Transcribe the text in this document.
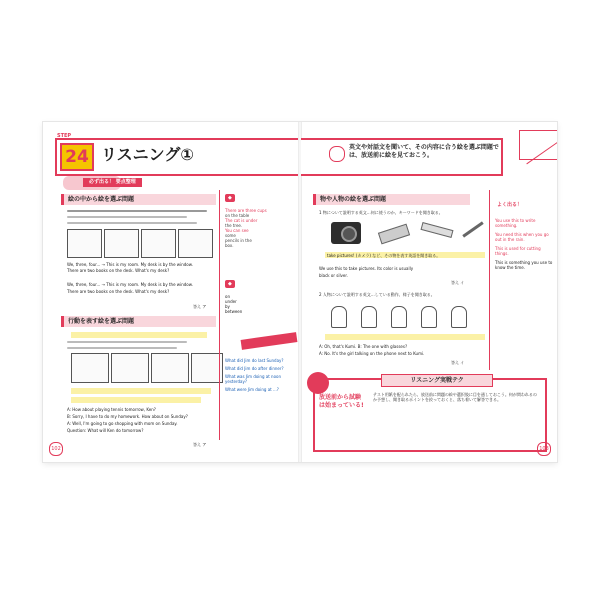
STEP
24 リスニング①
必ず出る！ 要点整理
絵の中から絵を選ぶ問題
We, three, four... → This is my room. My desk is by the window.
There are two books on the desk. What's my desk?
We, three, four... → This is my room. My desk is by the window.
There are two books on the desk. What's my desk?
答え ア
行動を表す絵を選ぶ問題
A: How about playing tennis tomorrow, Ken?
B: Sorry, I have to do my homework. How about on Sunday?
A: Well, I'm going to go shopping with mom on Sunday.
Question: What will Ken do tomorrow?
答え ア
◆
There are three cups
on the table
The cat is under
the tree.
You can see
some
pencils in the
box.
◆
on
under
by
between
What did Jim do last Sunday?
What did Jim do after dinner?
What was Jim doing at noon yesterday?
What were Jim doing at ...?
102
英文や対話文を聞いて、その内容に合う絵を選ぶ問題では、放送前に絵を見ておこう。
物や人物の絵を選ぶ問題
1 物について説明する英文…何に使うのか、キーワードを聞き取る。
take pictures! (カメラ) など、その物を表す英語を聞き取る。
We use this to take pictures. Its color is usually
black or silver.
答え イ
2 人物について説明する英文…している動作、様子を聞き取る。
A: Oh, that's Kumi. B: The one with glasses?
A: No. It's the girl talking on the phone next to Kumi.
答え イ
リスニング実戦テク
放送前から試験は始まっている!
テスト用紙を配られたら、放送前に問題の絵や選択肢に目を通しておこう。何が問われるのか予想し、聞き取るポイントを絞っておくと、落ち着いて解答できる。
よく出る！
You use this to write something.
You need this when you go out in the rain.
This is used for cutting things.
This is something you use to know the time.
103
